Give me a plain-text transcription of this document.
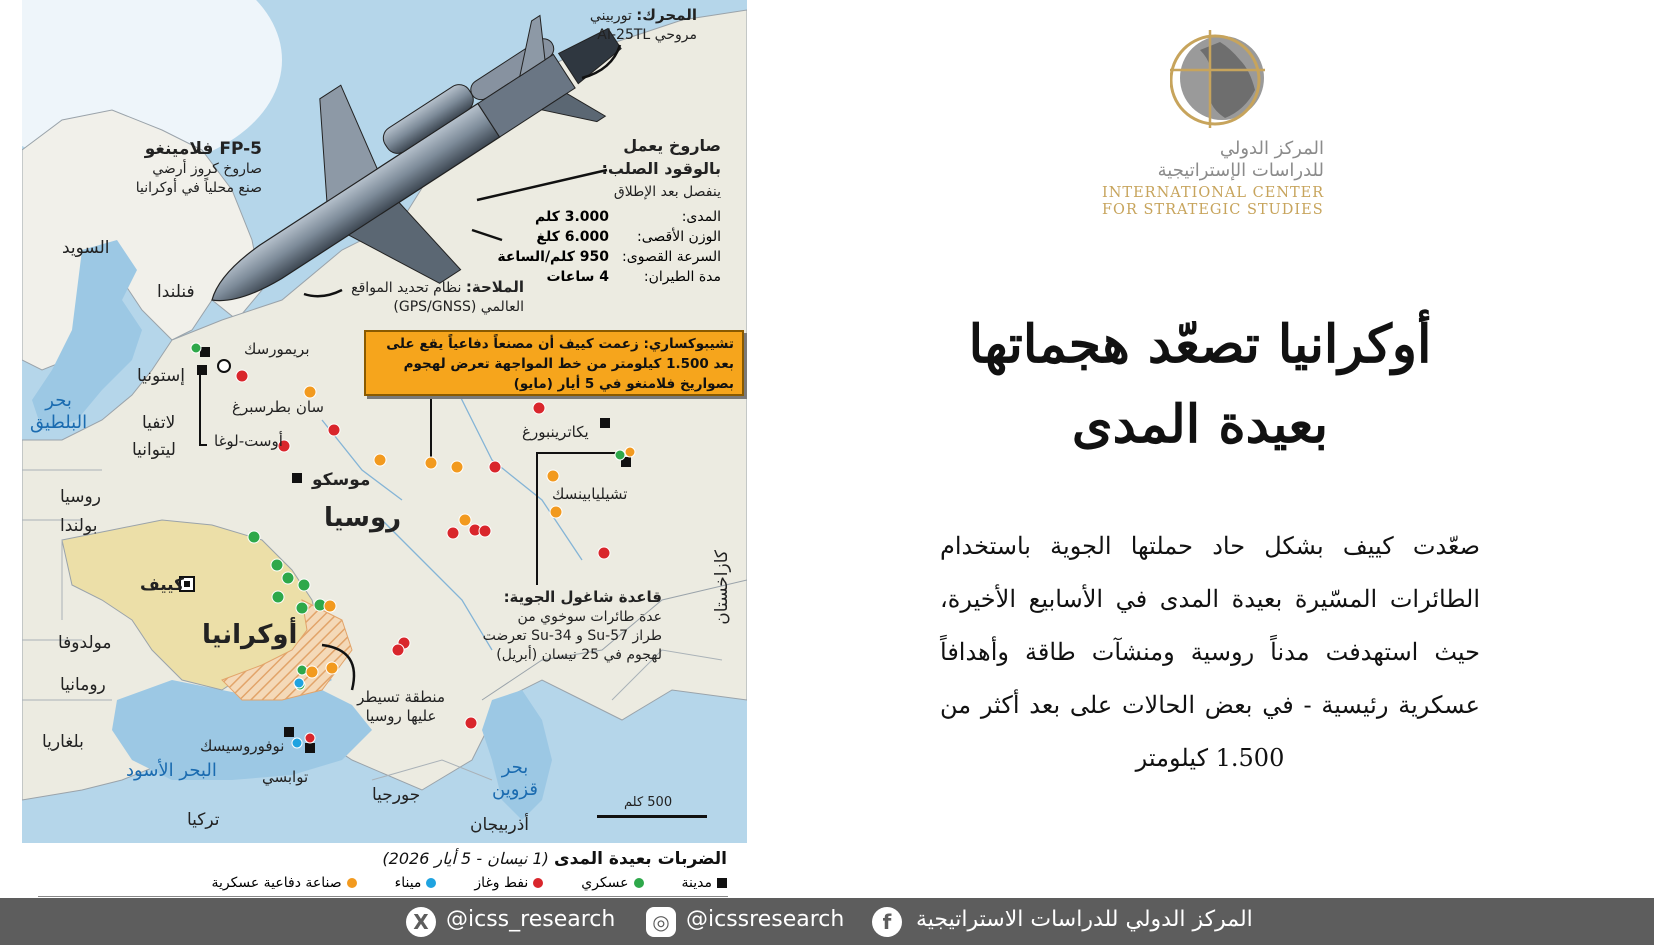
المحرك: توربيني
مروحي AI-25TL
FP-5 فلامينغو
صاروخ كروز أرضي
صنع محلياً في أوكرانيا
صاروخ يعمل
بالوقود الصلب:
ينفصل بعد الإطلاق
المدى:
3.000 كلم
الوزن الأقصى:
6.000 كلغ
السرعة القصوى:
950 كلم/الساعة
مدة الطيران:
4 ساعات
الملاحة: نظام تحديد المواقع
العالمي (GPS/GNSS)
تشيبوكساري: زعمت كييف أن مصنعاً دفاعياً يقع على
بعد 1.500 كيلومتر من خط المواجهة تعرض لهجوم
بصواريخ فلامنغو في 5 أيار (مايو)
قاعدة شاغول الجوية:
عدة طائرات سوخوي من
طراز Su-57 و Su-34 تعرضت
لهجوم في 25 نيسان (أبريل)
منطقة تسيطر
عليها روسيا
السويد
فنلندا
إستونيا
لاتفيا
ليتوانيا
روسيا
بولندا	روسيا
أوكرانيا
مولدوفا
رومانيا
بلغاريا
تركيا
جورجيا
أذربيجان
كازاخستان
بحر
البلطيق
البحر الأسود	بحر
قزوين
بريمورسك
سان بطرسبرغ
أوست-لوغا
موسكو
كييف
يكاترينبورغ
تشيليابينسك
نوفوروسيسك
توابسي
500 كلم
الضربات بعيدة المدى (1 نيسان - 5 أيار 2026)
مدينة
عسكري
نفط وغاز
ميناء
صناعة دفاعية عسكرية
المركز الدولي
للدراسات الإستراتيجية
INTERNATIONAL CENTER
FOR STRATEGIC STUDIES
أوكرانيا تصعّد هجماتها
بعيدة المدى
صعّدت كييف بشكل حاد حملتها الجوية باستخدام الطائرات المسّيرة بعيدة المدى في الأسابيع الأخيرة، حيث استهدفت مدناً روسية ومنشآت طاقة وأهدافاً عسكرية رئيسية - في بعض الحالات على بعد أكثر من 1.500 كيلومتر
X @icss_research	◎ @icssresearch	f	المركز الدولي للدراسات الاستراتيجية
